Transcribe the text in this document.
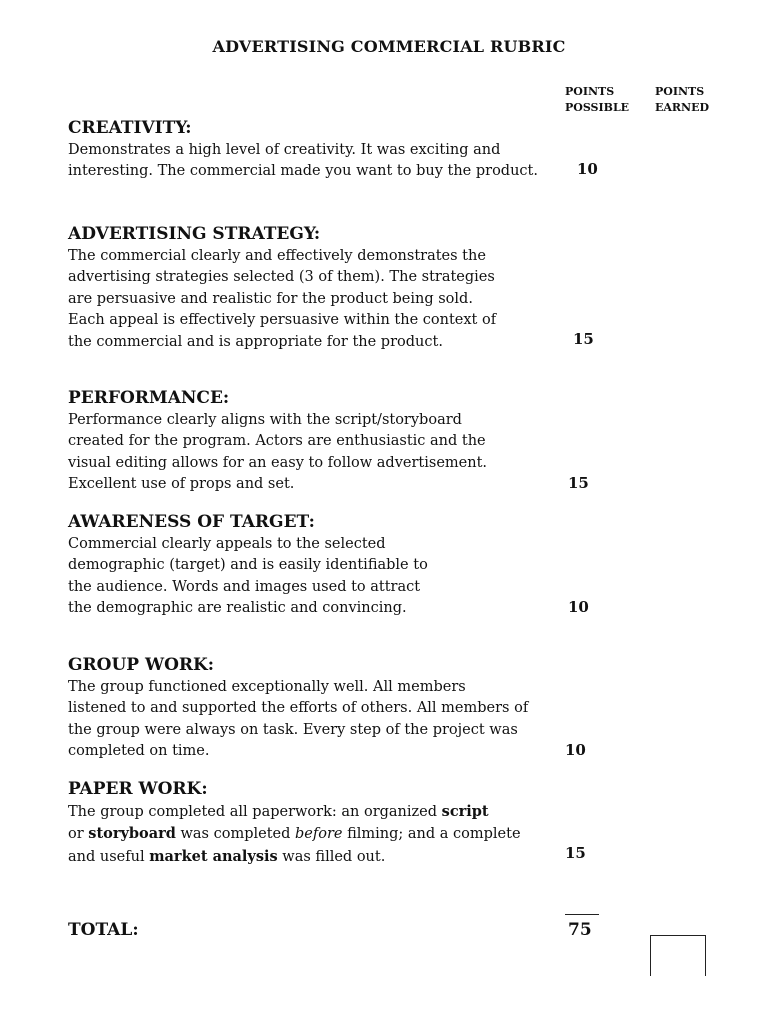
ADVERTISING COMMERCIAL RUBRIC
POINTS
POSSIBLE
POINTS
EARNED

CREATIVITY:

Demonstrates a high level of creativity. It was exciting and

interesting. The commercial made you want to buy the product.	10

ADVERTISING STRATEGY:

The commercial clearly and effectively demonstrates the

advertising strategies selected (3 of them). The strategies

are persuasive and realistic for the product being sold.

Each appeal is effectively persuasive within the context of

the commercial and is appropriate for the product.	15

PERFORMANCE:

Performance clearly aligns with the script/storyboard

created for the program. Actors are enthusiastic and the

visual editing allows for an easy to follow advertisement.

Excellent use of props and set.	15

AWARENESS OF TARGET:

Commercial clearly appeals to the selected

demographic (target) and is easily identifiable to

the audience. Words and images used to attract

the demographic are realistic and convincing.	10

GROUP WORK:

The group functioned exceptionally well. All members

listened to and supported the efforts of others. All members of

the group were always on task. Every step of the project was

completed on time.	10

PAPER WORK:

The group completed all paperwork: an organized script

or storyboard was completed before filming; and a complete

and useful market analysis was filled out.	15
TOTAL:	75
